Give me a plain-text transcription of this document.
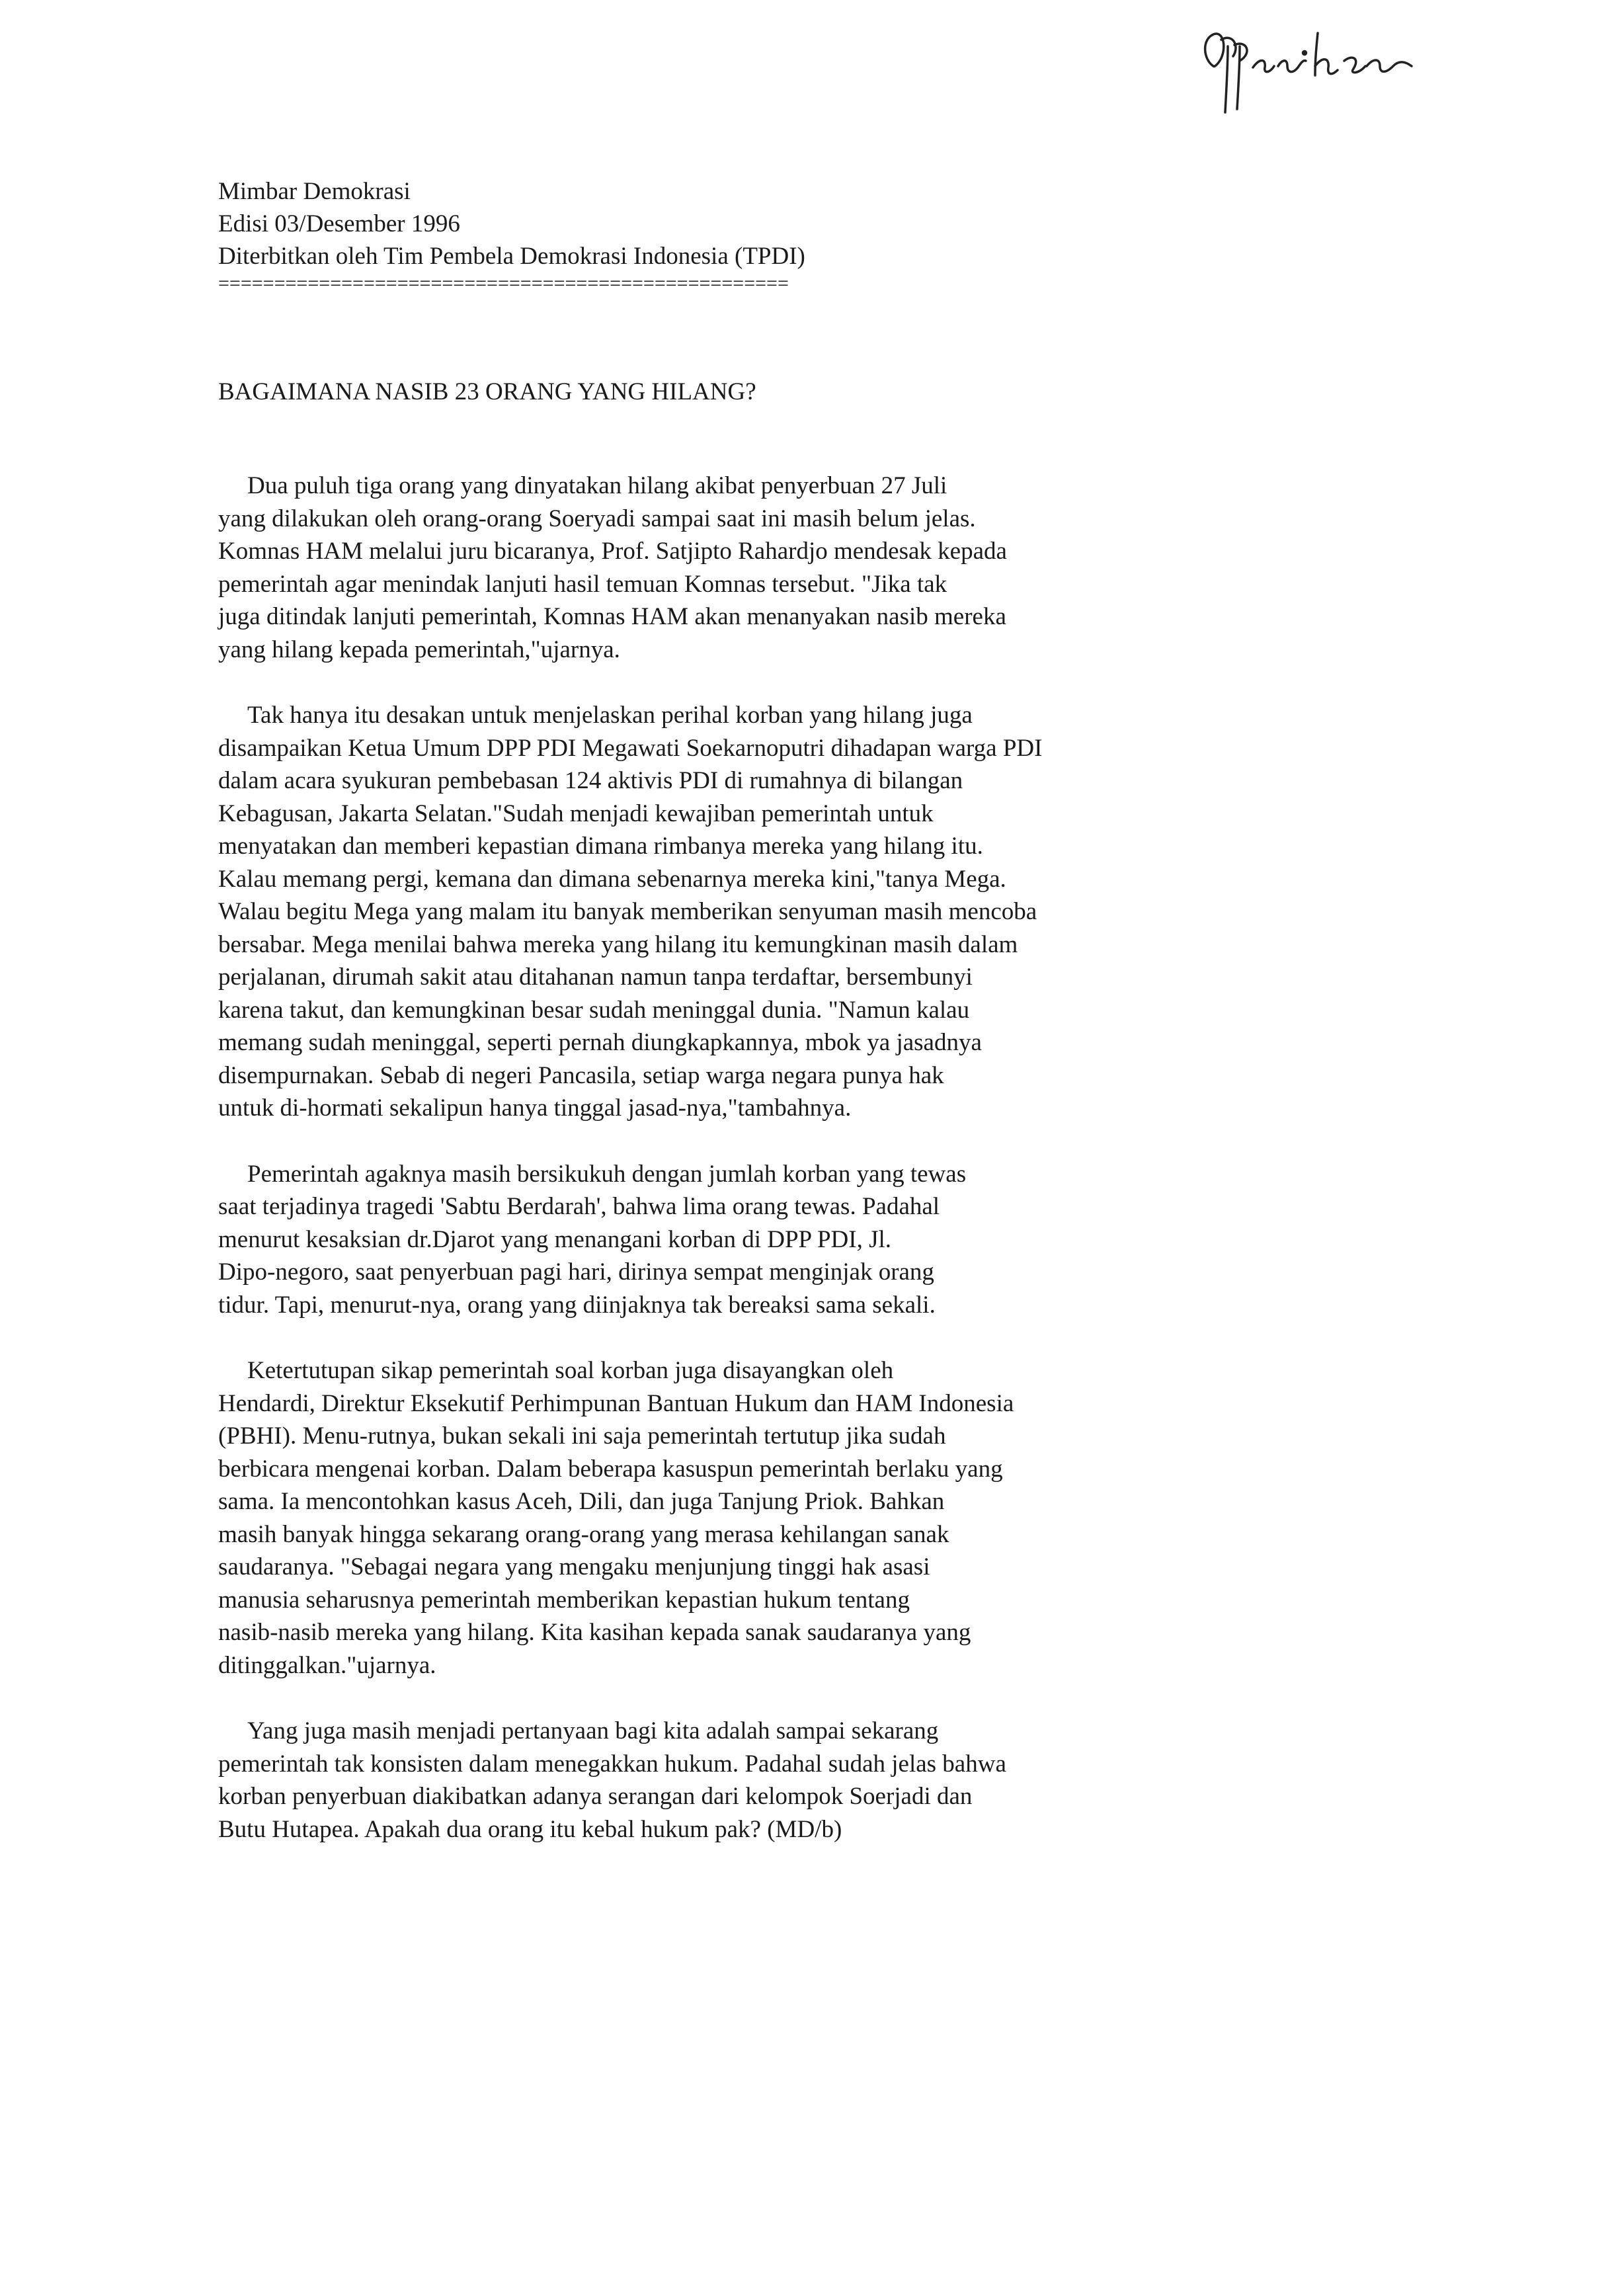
Mimbar Demokrasi
Edisi 03/Desember 1996
Diterbitkan oleh Tim Pembela Demokrasi Indonesia (TPDI)
===================================================
BAGAIMANA NASIB 23 ORANG YANG HILANG?
Dua puluh tiga orang yang dinyatakan hilang akibat penyerbuan 27 Juli
yang dilakukan oleh orang-orang Soeryadi sampai saat ini masih belum jelas.
Komnas HAM melalui juru bicaranya, Prof. Satjipto Rahardjo mendesak kepada
pemerintah agar menindak lanjuti hasil temuan Komnas tersebut. "Jika tak
juga ditindak lanjuti pemerintah, Komnas HAM akan menanyakan nasib mereka
yang hilang kepada pemerintah,"ujarnya.
Tak hanya itu desakan untuk menjelaskan perihal korban yang hilang juga
disampaikan Ketua Umum DPP PDI Megawati Soekarnoputri dihadapan warga PDI
dalam acara syukuran pembebasan 124 aktivis PDI di rumahnya di bilangan
Kebagusan, Jakarta Selatan."Sudah menjadi kewajiban pemerintah untuk
menyatakan dan memberi kepastian dimana rimbanya mereka yang hilang itu.
Kalau memang pergi, kemana dan dimana sebenarnya mereka kini,"tanya Mega.
Walau begitu Mega yang malam itu banyak memberikan senyuman masih mencoba
bersabar. Mega menilai bahwa mereka yang hilang itu kemungkinan masih dalam
perjalanan, dirumah sakit atau ditahanan namun tanpa terdaftar, bersembunyi
karena takut, dan kemungkinan besar sudah meninggal dunia. "Namun kalau
memang sudah meninggal, seperti pernah diungkapkannya, mbok ya jasadnya
disempurnakan. Sebab di negeri Pancasila, setiap warga negara punya hak
untuk di-hormati sekalipun hanya tinggal jasad-nya,"tambahnya.
Pemerintah agaknya masih bersikukuh dengan jumlah korban yang tewas
saat terjadinya tragedi 'Sabtu Berdarah', bahwa lima orang tewas. Padahal
menurut kesaksian dr.Djarot yang menangani korban di DPP PDI, Jl.
Dipo-negoro, saat penyerbuan pagi hari, dirinya sempat menginjak orang
tidur. Tapi, menurut-nya, orang yang diinjaknya tak bereaksi sama sekali.
Ketertutupan sikap pemerintah soal korban juga disayangkan oleh
Hendardi, Direktur Eksekutif Perhimpunan Bantuan Hukum dan HAM Indonesia
(PBHI). Menu-rutnya, bukan sekali ini saja pemerintah tertutup jika sudah
berbicara mengenai korban. Dalam beberapa kasuspun pemerintah berlaku yang
sama. Ia mencontohkan kasus Aceh, Dili, dan juga Tanjung Priok. Bahkan
masih banyak hingga sekarang orang-orang yang merasa kehilangan sanak
saudaranya. "Sebagai negara yang mengaku menjunjung tinggi hak asasi
manusia seharusnya pemerintah memberikan kepastian hukum tentang
nasib-nasib mereka yang hilang. Kita kasihan kepada sanak saudaranya yang
ditinggalkan."ujarnya.
Yang juga masih menjadi pertanyaan bagi kita adalah sampai sekarang
pemerintah tak konsisten dalam menegakkan hukum. Padahal sudah jelas bahwa
korban penyerbuan diakibatkan adanya serangan dari kelompok Soerjadi dan
Butu Hutapea. Apakah dua orang itu kebal hukum pak? (MD/b)
